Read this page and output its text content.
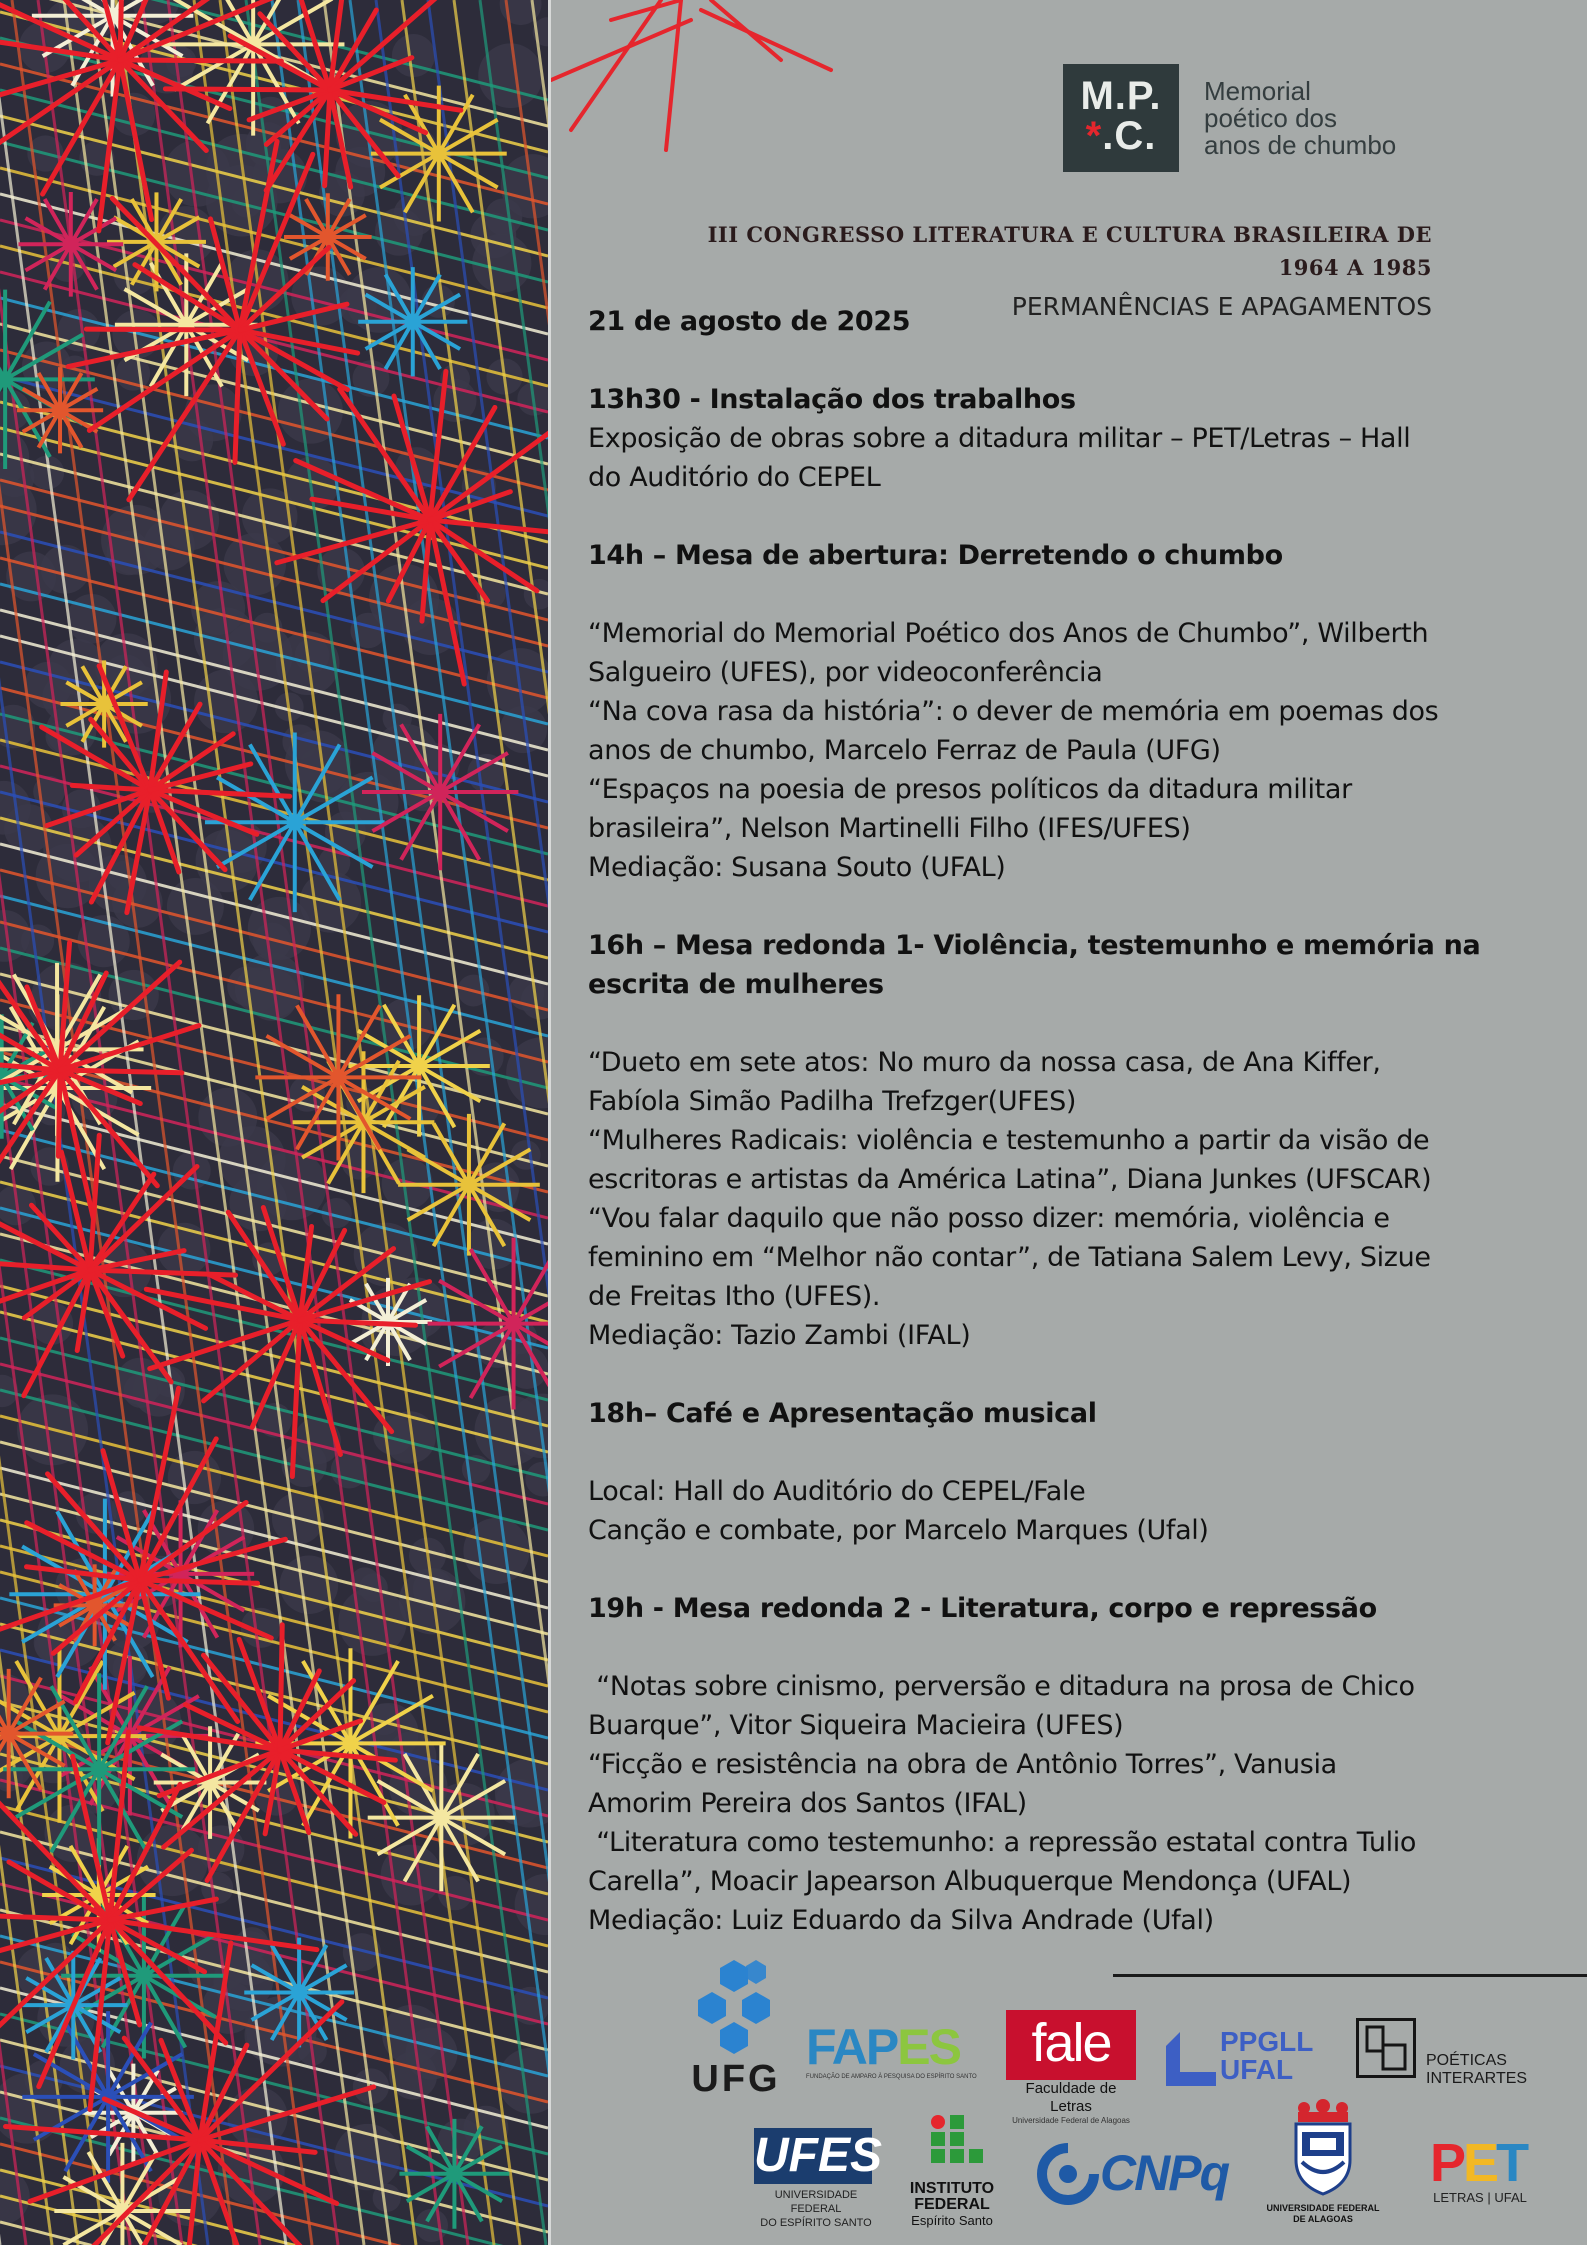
M.P.
*.C.
Memorial
poético dos
anos de chumbo
III CONGRESSO LITERATURA E CULTURA BRASILEIRA DE
1964 A 1985
PERMANÊNCIAS E APAGAMENTOS

21 de agosto de 2025

13h30 - Instalação dos trabalhos

Exposição de obras sobre a ditadura militar – PET/Letras – Hall

do Auditório do CEPEL

14h – Mesa de abertura: Derretendo o chumbo

“Memorial do Memorial Poético dos Anos de Chumbo”, Wilberth

Salgueiro (UFES), por videoconferência

“Na cova rasa da história”: o dever de memória em poemas dos

anos de chumbo, Marcelo Ferraz de Paula (UFG)

“Espaços na poesia de presos políticos da ditadura militar

brasileira”, Nelson Martinelli Filho (IFES/UFES)

Mediação: Susana Souto (UFAL)

16h – Mesa redonda 1- Violência, testemunho e memória na
escrita de mulheres

“Dueto em sete atos: No muro da nossa casa, de Ana Kiffer,

Fabíola Simão Padilha Trefzger(UFES)

“Mulheres Radicais: violência e testemunho a partir da visão de

escritoras e artistas da América Latina”, Diana Junkes (UFSCAR)

“Vou falar daquilo que não posso dizer: memória, violência e

feminino em “Melhor não contar”, de Tatiana Salem Levy, Sizue

de Freitas Itho (UFES).

Mediação: Tazio Zambi (IFAL)

18h– Café e Apresentação musical

Local: Hall do Auditório do CEPEL/Fale

Canção e combate, por Marcelo Marques (Ufal)

19h - Mesa redonda 2 - Literatura, corpo e repressão

“Notas sobre cinismo, perversão e ditadura na prosa de Chico

Buarque”, Vitor Siqueira Macieira (UFES)

“Ficção e resistência na obra de Antônio Torres”, Vanusia

Amorim Pereira dos Santos (IFAL)

“Literatura como testemunho: a repressão estatal contra Tulio

Carella”, Moacir Japearson Albuquerque Mendonça (UFAL)

Mediação: Luiz Eduardo da Silva Andrade (Ufal)

UFG
FAPES
FUNDAÇÃO DE AMPARO À PESQUISA DO ESPÍRITO SANTO
fale
Faculdade de Letras
Universidade Federal de Alagoas
PPGLL
UFAL	POÉTICAS
INTERARTES
UFES
UNIVERSIDADE FEDERAL
DO ESPÍRITO SANTO
INSTITUTO
FEDERAL
Espírito Santo
CNPq
UNIVERSIDADE FEDERAL
DE ALAGOAS
PET
LETRAS | UFAL
